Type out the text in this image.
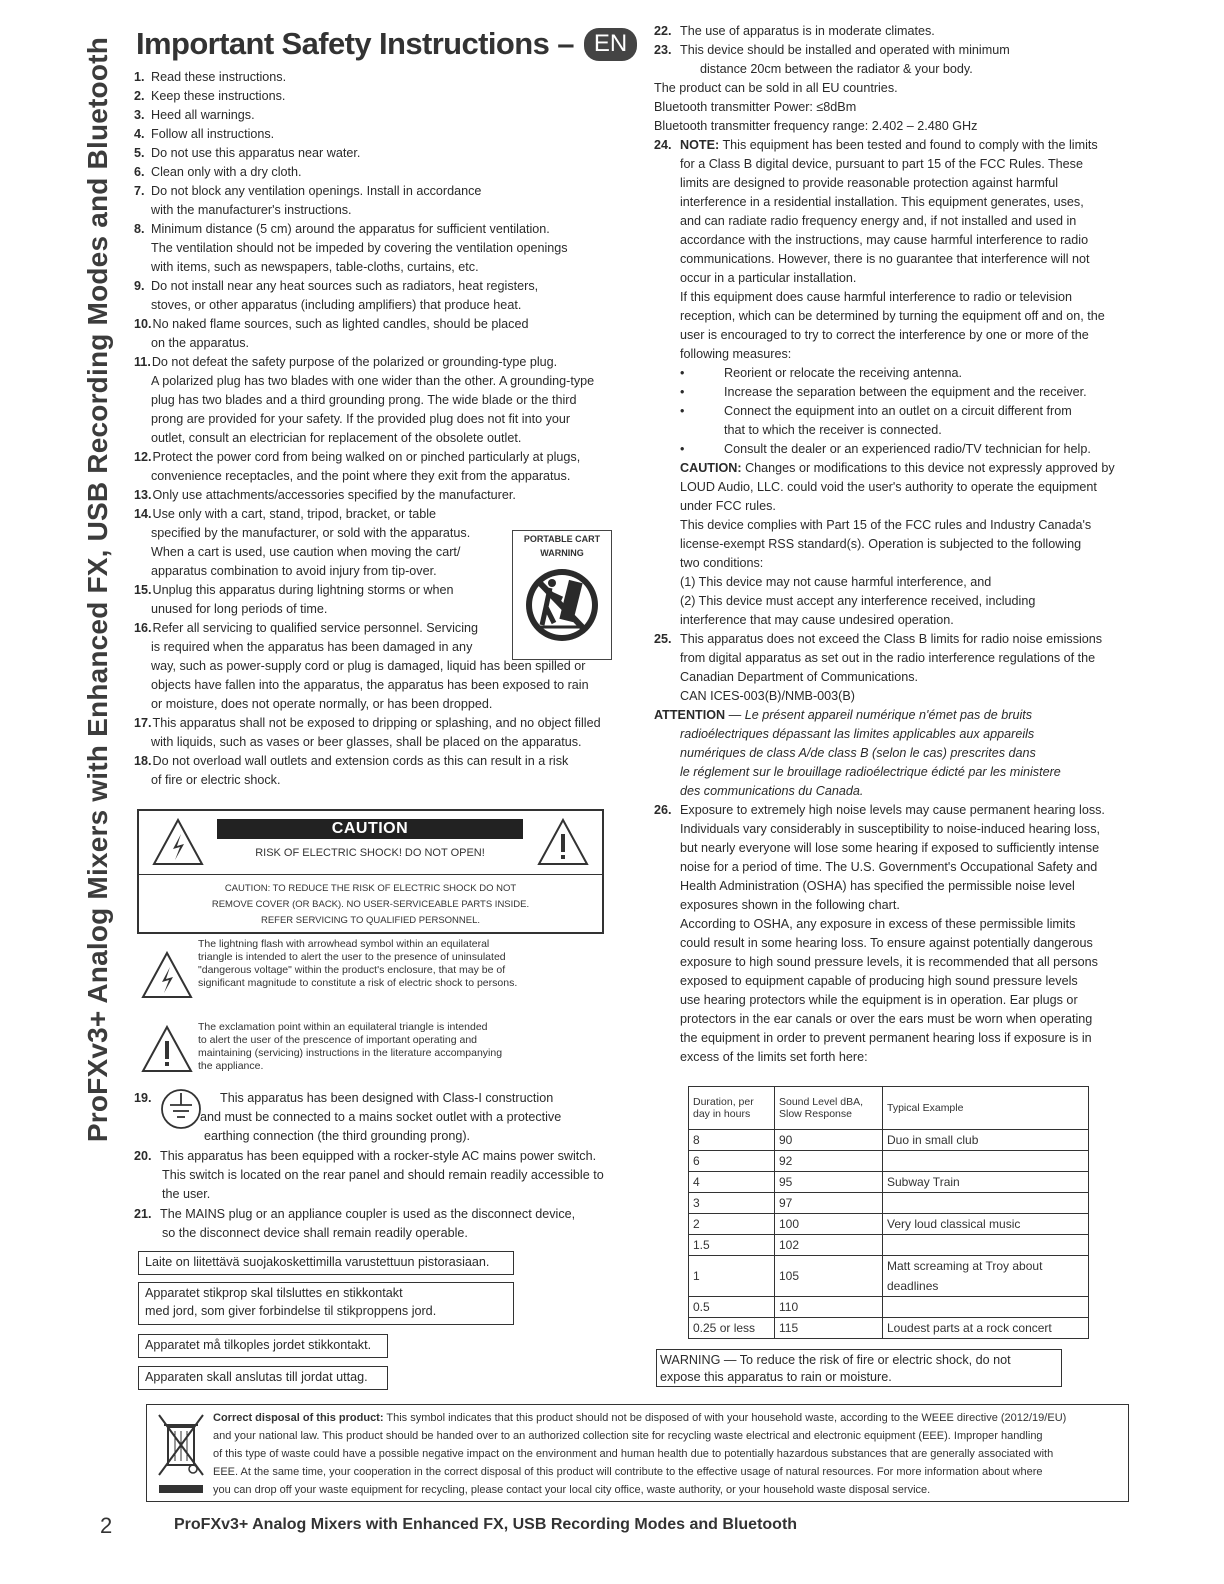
ProFXv3+ Analog Mixers with Enhanced FX, USB Recording Modes and Bluetooth Important Safety Instructions – EN
1. Read these instructions.
2. Keep these instructions.
3. Heed all warnings.
4. Follow all instructions.
5. Do not use this apparatus near water.
6. Clean only with a dry cloth.
7. Do not block any ventilation openings. Install in accordance
with the manufacturer's instructions.
8. Minimum distance (5 cm) around the apparatus for sufficient ventilation.
The ventilation should not be impeded by covering the ventilation openings
with items, such as newspapers, table-cloths, curtains, etc.
9. Do not install near any heat sources such as radiators, heat registers,
stoves, or other apparatus (including amplifiers) that produce heat.
10. No naked flame sources, such as lighted candles, should be placed
on the apparatus.
11. Do not defeat the safety purpose of the polarized or grounding-type plug.
A polarized plug has two blades with one wider than the other. A grounding-type
plug has two blades and a third grounding prong. The wide blade or the third
prong are provided for your safety. If the provided plug does not fit into your
outlet, consult an electrician for replacement of the obsolete outlet.
12. Protect the power cord from being walked on or pinched particularly at plugs,
convenience receptacles, and the point where they exit from the apparatus.
13. Only use attachments/accessories specified by the manufacturer.
14. Use only with a cart, stand, tripod, bracket, or table
specified by the manufacturer, or sold with the apparatus.
When a cart is used, use caution when moving the cart/
apparatus combination to avoid injury from tip-over.
15. Unplug this apparatus during lightning storms or when
unused for long periods of time.
16. Refer all servicing to qualified service personnel. Servicing
is required when the apparatus has been damaged in any
way, such as power-supply cord or plug is damaged, liquid has been spilled or
objects have fallen into the apparatus, the apparatus has been exposed to rain
or moisture, does not operate normally, or has been dropped.
17. This apparatus shall not be exposed to dripping or splashing, and no object filled
with liquids, such as vases or beer glasses, shall be placed on the apparatus.
18. Do not overload wall outlets and extension cords as this can result in a risk
of fire or electric shock.
PORTABLE CART
WARNING
CAUTION
RISK OF ELECTRIC SHOCK! DO NOT OPEN!
CAUTION: TO REDUCE THE RISK OF ELECTRIC SHOCK DO NOT
REMOVE COVER (OR BACK). NO USER-SERVICEABLE PARTS INSIDE.
REFER SERVICING TO QUALIFIED PERSONNEL.
The lightning flash with arrowhead symbol within an equilateral
triangle is intended to alert the user to the presence of uninsulated
"dangerous voltage" within the product's enclosure, that may be of
significant magnitude to constitute a risk of electric shock to persons.
The exclamation point within an equilateral triangle is intended
to alert the user of the prescence of important operating and
maintaining (servicing) instructions in the literature accompanying
the appliance.
19.	This apparatus has been designed with Class-I construction
and must be connected to a mains socket outlet with a protective
earthing connection (the third grounding prong).
20. This apparatus has been equipped with a rocker-style AC mains power switch.
This switch is located on the rear panel and should remain readily accessible to
the user.
21. The MAINS plug or an appliance coupler is used as the disconnect device,
so the disconnect device shall remain readily operable.
Laite on liitettävä suojakoskettimilla varustettuun pistorasiaan.
Apparatet stikprop skal tilsluttes en stikkontakt
med jord, som giver forbindelse til stikproppens jord.
Apparatet må tilkoples jordet stikkontakt.
Apparaten skall anslutas till jordat uttag.
22. The use of apparatus is in moderate climates.
23. This device should be installed and operated with minimum
distance 20cm between the radiator & your body.
The product can be sold in all EU countries.
Bluetooth transmitter Power: ≤8dBm
Bluetooth transmitter frequency range: 2.402 – 2.480 GHz
24. NOTE: This equipment has been tested and found to comply with the limits
for a Class B digital device, pursuant to part 15 of the FCC Rules. These
limits are designed to provide reasonable protection against harmful
interference in a residential installation. This equipment generates, uses,
and can radiate radio frequency energy and, if not installed and used in
accordance with the instructions, may cause harmful interference to radio
communications. However, there is no guarantee that interference will not
occur in a particular installation.
If this equipment does cause harmful interference to radio or television
reception, which can be determined by turning the equipment off and on, the
user is encouraged to try to correct the interference by one or more of the
following measures:
•	Reorient or relocate the receiving antenna.
•	Increase the separation between the equipment and the receiver.
•	Connect the equipment into an outlet on a circuit different from
that to which the receiver is connected.
•	Consult the dealer or an experienced radio/TV technician for help.
CAUTION: Changes or modifications to this device not expressly approved by
LOUD Audio, LLC. could void the user's authority to operate the equipment
under FCC rules.
This device complies with Part 15 of the FCC rules and Industry Canada's
license-exempt RSS standard(s). Operation is subjected to the following
two conditions:
(1) This device may not cause harmful interference, and
(2) This device must accept any interference received, including
interference that may cause undesired operation.
25. This apparatus does not exceed the Class B limits for radio noise emissions
from digital apparatus as set out in the radio interference regulations of the
Canadian Department of Communications.
CAN ICES-003(B)/NMB-003(B)
ATTENTION — Le présent appareil numérique n'émet pas de bruits
radioélectriques dépassant las limites applicables aux appareils
numériques de class A/de class B (selon le cas) prescrites dans
le réglement sur le brouillage radioélectrique édicté par les ministere
des communications du Canada.
26. Exposure to extremely high noise levels may cause permanent hearing loss.
Individuals vary considerably in susceptibility to noise-induced hearing loss,
but nearly everyone will lose some hearing if exposed to sufficiently intense
noise for a period of time. The U.S. Government's Occupational Safety and
Health Administration (OSHA) has specified the permissible noise level
exposures shown in the following chart.
According to OSHA, any exposure in excess of these permissible limits
could result in some hearing loss. To ensure against potentially dangerous
exposure to high sound pressure levels, it is recommended that all persons
exposed to equipment capable of producing high sound pressure levels
use hearing protectors while the equipment is in operation. Ear plugs or
protectors in the ear canals or over the ears must be worn when operating
the equipment in order to prevent permanent hearing loss if exposure is in
excess of the limits set forth here:
Duration, per day in hours	Sound Level dBA, Slow Response	Typical Example
8	90	Duo in small club
6	92	
4	95	Subway Train
3	97	
2	100	Very loud classical music
1.5	102	
1	105	Matt screaming at Troy about deadlines
0.5	110	
0.25 or less	115	Loudest parts at a rock concert
WARNING — To reduce the risk of fire or electric shock, do not
expose this apparatus to rain or moisture.
Correct disposal of this product: This symbol indicates that this product should not be disposed of with your household waste, according to the WEEE directive (2012/19/EU)
and your national law. This product should be handed over to an authorized collection site for recycling waste electrical and electronic equipment (EEE). Improper handling
of this type of waste could have a possible negative impact on the environment and human health due to potentially hazardous substances that are generally associated with
EEE. At the same time, your cooperation in the correct disposal of this product will contribute to the effective usage of natural resources. For more information about where
you can drop off your waste equipment for recycling, please contact your local city office, waste authority, or your household waste disposal service.
2	ProFXv3+ Analog Mixers with Enhanced FX, USB Recording Modes and Bluetooth
